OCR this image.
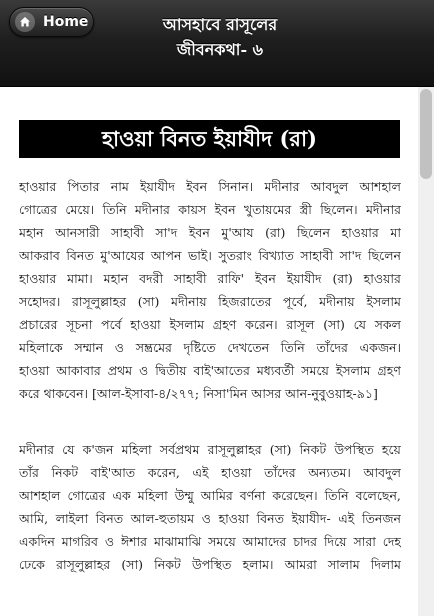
Home	আসহাবে রাসূলের
জীবনকথা- ৬
হাওয়া বিনত ইয়াযীদ (রা)
হাওয়ার পিতার নাম ইয়াযীদ ইবন সিনান। মদীনার আবদুল আশহাল
গোত্রের মেয়ে। তিনি মদীনার কায়স ইবন খুতায়মের স্ত্রী ছিলেন। মদীনার
মহান আনসারী সাহাবী সা'দ ইবন মু'আয (রা) ছিলেন হাওয়ার মা
আকরাব বিনত মু'আযের আপন ভাই। সুতরাং বিখ্যাত সাহাবী সা'দ ছিলেন
হাওয়ার মামা। মহান বদরী সাহাবী রাফি' ইবন ইয়াযীদ (রা) হাওয়ার
সহোদর। রাসূলুল্লাহর (সা) মদীনায় হিজরাতের পূর্বে, মদীনায় ইসলাম
প্রচারের সূচনা পর্বে হাওয়া ইসলাম গ্রহণ করেন। রাসূল (সা) যে সকল
মহিলাকে সম্মান ও সম্ভ্রমের দৃষ্টিতে দেখতেন তিনি তাঁদের একজন।
হাওয়া আকাবার প্রথম ও দ্বিতীয় বাই'আতের মধ্যবর্তী সময়ে ইসলাম গ্রহণ
করে থাকবেন। [আল-ইসাবা-৪/২৭৭; নিসা'মিন আসর আন-নুবুওয়াহ-৯১]
মদীনার যে ক'জন মহিলা সর্বপ্রথম রাসূলুল্লাহর (সা) নিকট উপস্থিত হয়ে
তাঁর নিকট বাই'আত করেন, এই হাওয়া তাঁদের অন্যতম। আবদুল
আশহাল গোত্রের এক মহিলা উম্মু আমির বর্ণনা করেছেন। তিনি বলেছেন,
আমি, লাইলা বিনত আল-হুতায়ম ও হাওয়া বিনত ইয়াযীদ- এই তিনজন
একদিন মাগরিব ও ঈশার মাঝামাঝি সময়ে আমাদের চাদর দিয়ে সারা দেহ
ঢেকে রাসূলুল্লাহর (সা) নিকট উপস্থিত হলাম। আমরা সালাম দিলাম
